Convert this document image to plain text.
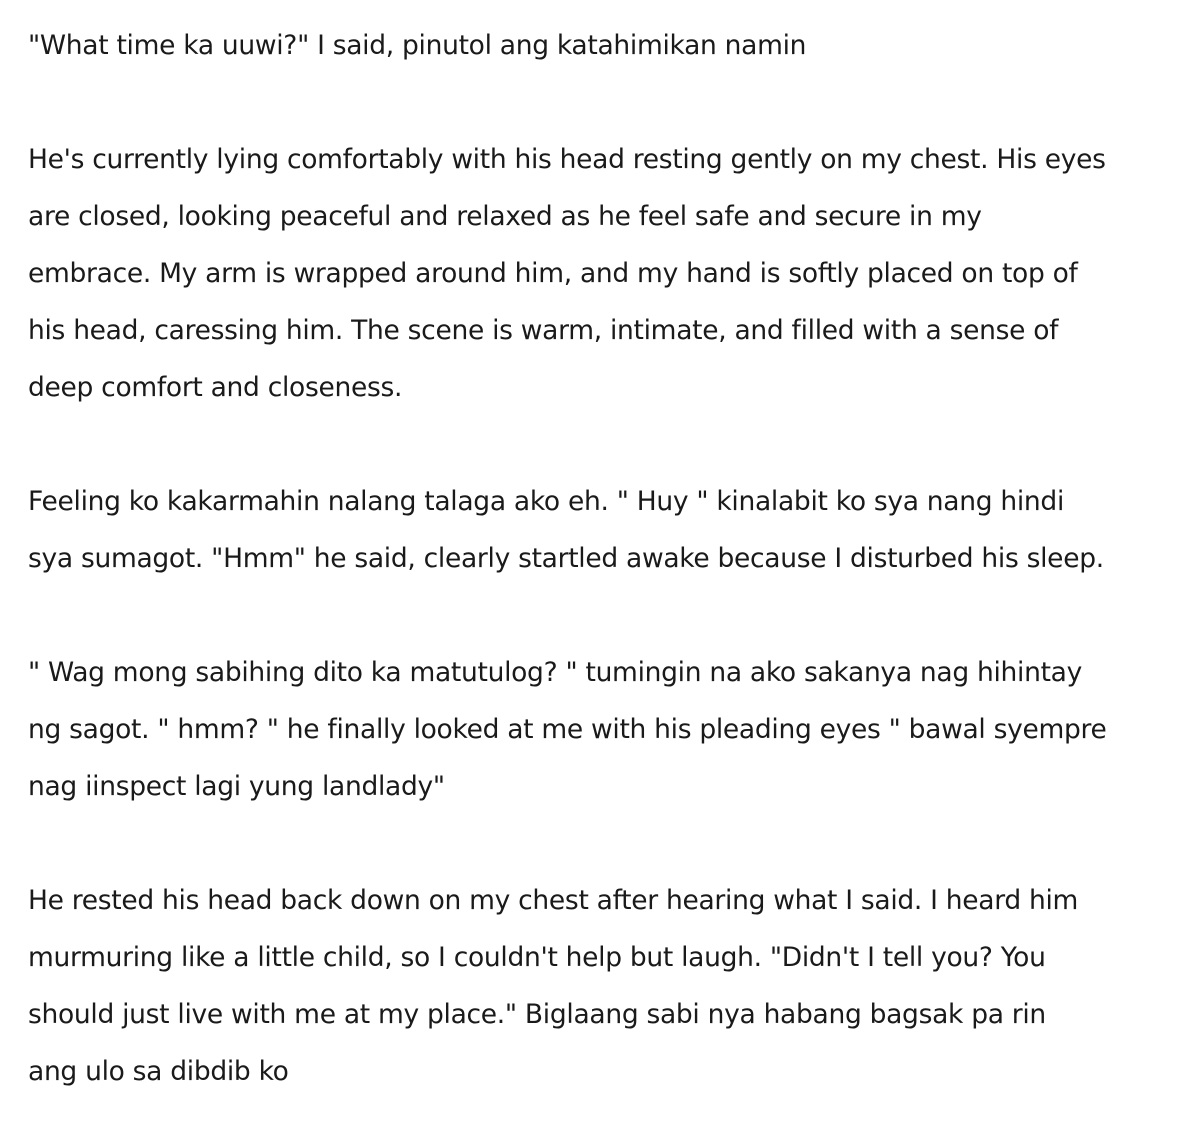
"What time ka uuwi?" I said, pinutol ang katahimikan namin

He's currently lying comfortably with his head resting gently on my chest. His eyes

are closed, looking peaceful and relaxed as he feel safe and secure in my

embrace. My arm is wrapped around him, and my hand is softly placed on top of

his head, caressing him. The scene is warm, intimate, and filled with a sense of

deep comfort and closeness.

Feeling ko kakarmahin nalang talaga ako eh. " Huy " kinalabit ko sya nang hindi

sya sumagot. "Hmm" he said, clearly startled awake because I disturbed his sleep.

" Wag mong sabihing dito ka matutulog? " tumingin na ako sakanya nag hihintay

ng sagot. " hmm? " he finally looked at me with his pleading eyes " bawal syempre

nag iinspect lagi yung landlady"

He rested his head back down on my chest after hearing what I said. I heard him

murmuring like a little child, so I couldn't help but laugh. "Didn't I tell you? You

should just live with me at my place." Biglaang sabi nya habang bagsak pa rin

ang ulo sa dibdib ko
